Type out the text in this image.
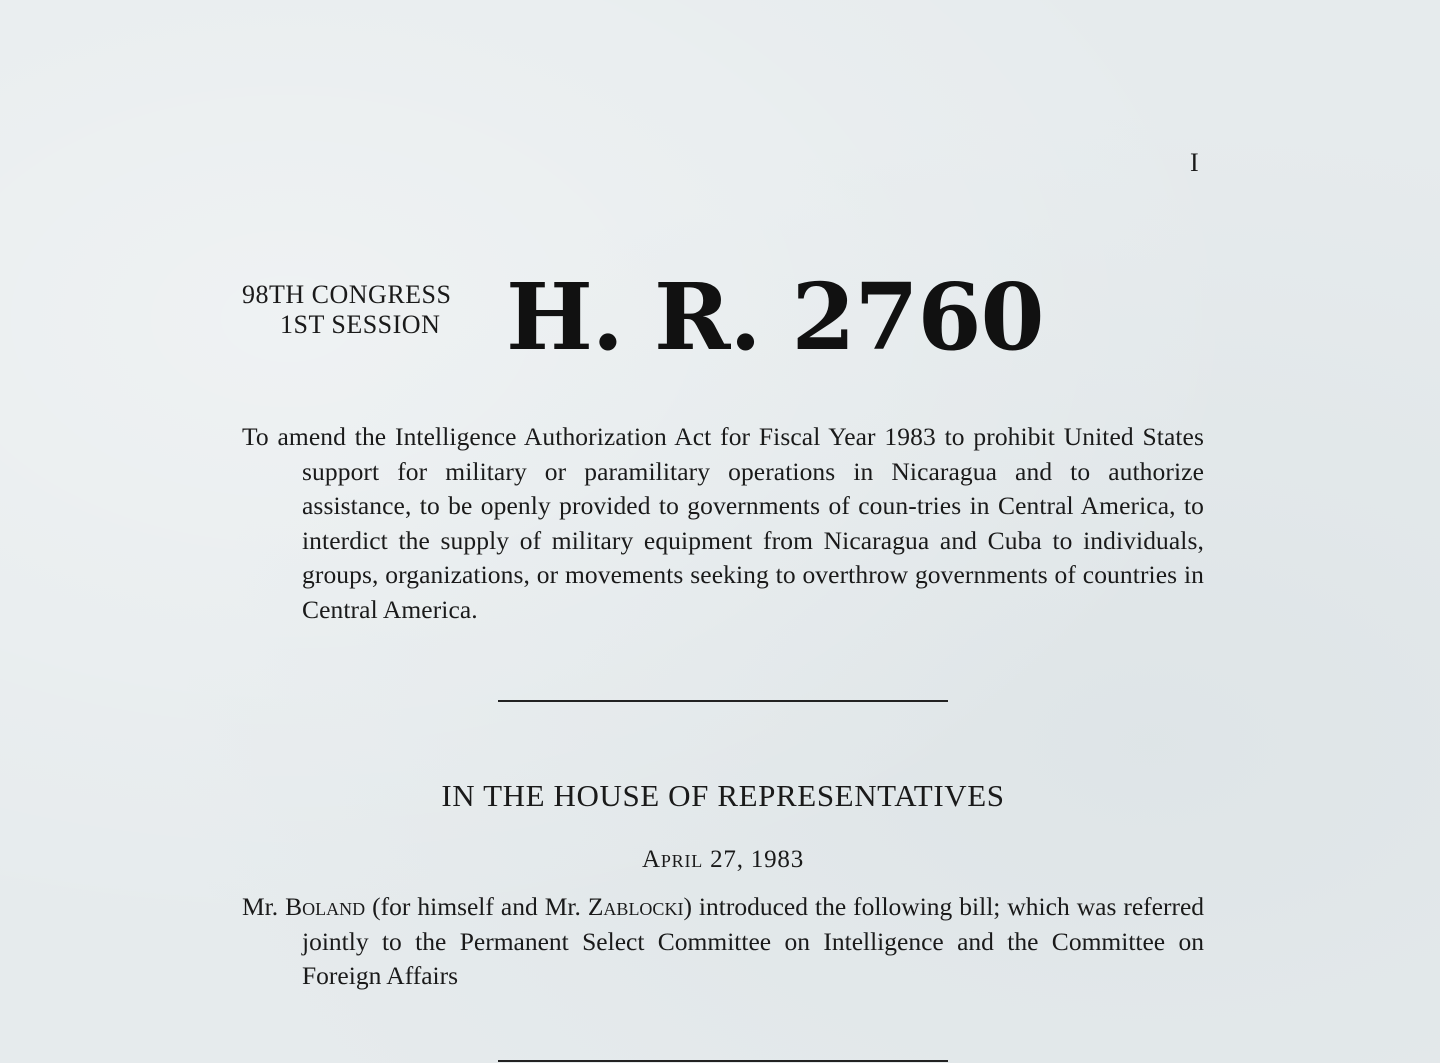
I
98TH CONGRESS
1ST SESSION H. R. 2760
To amend the Intelligence Authorization Act for Fiscal Year 1983 to prohibit United States support for military or paramilitary operations in Nicaragua and to authorize assistance, to be openly provided to governments of coun-tries in Central America, to interdict the supply of military equipment from Nicaragua and Cuba to individuals, groups, organizations, or movements seeking to overthrow governments of countries in Central America.
IN THE HOUSE OF REPRESENTATIVES
April 27, 1983
Mr. Boland (for himself and Mr. Zablocki) introduced the following bill; which was referred jointly to the Permanent Select Committee on Intelligence and the Committee on Foreign Affairs
